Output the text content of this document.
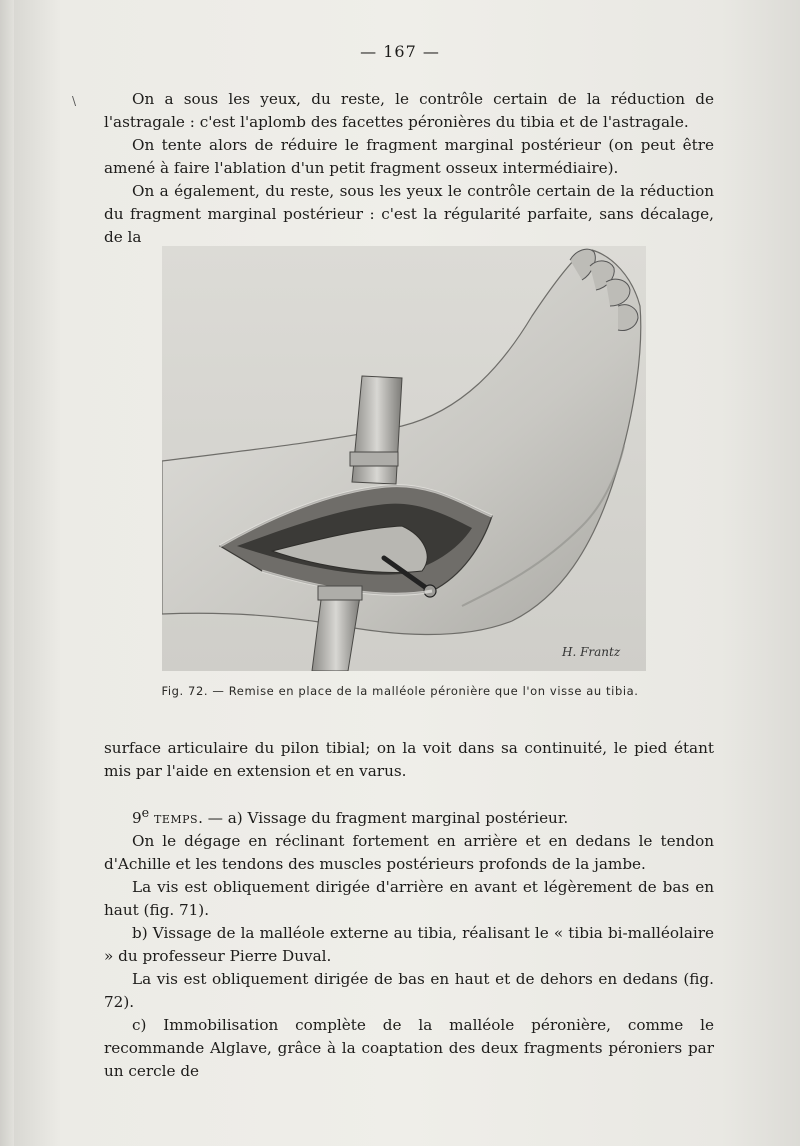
\
— 167 —

On a sous les yeux, du reste, le contrôle certain de la réduction de l'astragale : c'est l'aplomb des facettes péronières du tibia et de l'astragale.

On tente alors de réduire le fragment marginal postérieur (on peut être amené à faire l'ablation d'un petit fragment osseux intermédiaire).

On a également, du reste, sous les yeux le contrôle certain de la réduction du fragment marginal postérieur : c'est la régularité parfaite, sans décalage, de la

H. Frantz
Fig. 72. — Remise en place de la malléole péronière que l'on visse au tibia.

surface articulaire du pilon tibial; on la voit dans sa continuité, le pied étant mis par l'aide en extension et en varus.

9e temps. — a) Vissage du fragment marginal postérieur.

On le dégage en réclinant fortement en arrière et en dedans le tendon d'Achille et les tendons des muscles postérieurs profonds de la jambe.

La vis est obliquement dirigée d'arrière en avant et légèrement de bas en haut (fig. 71).

b) Vissage de la malléole externe au tibia, réalisant le « tibia bi-malléolaire » du professeur Pierre Duval.

La vis est obliquement dirigée de bas en haut et de dehors en dedans (fig. 72).

c) Immobilisation complète de la malléole péronière, comme le recommande Alglave, grâce à la coaptation des deux fragments péroniers par un cercle de
